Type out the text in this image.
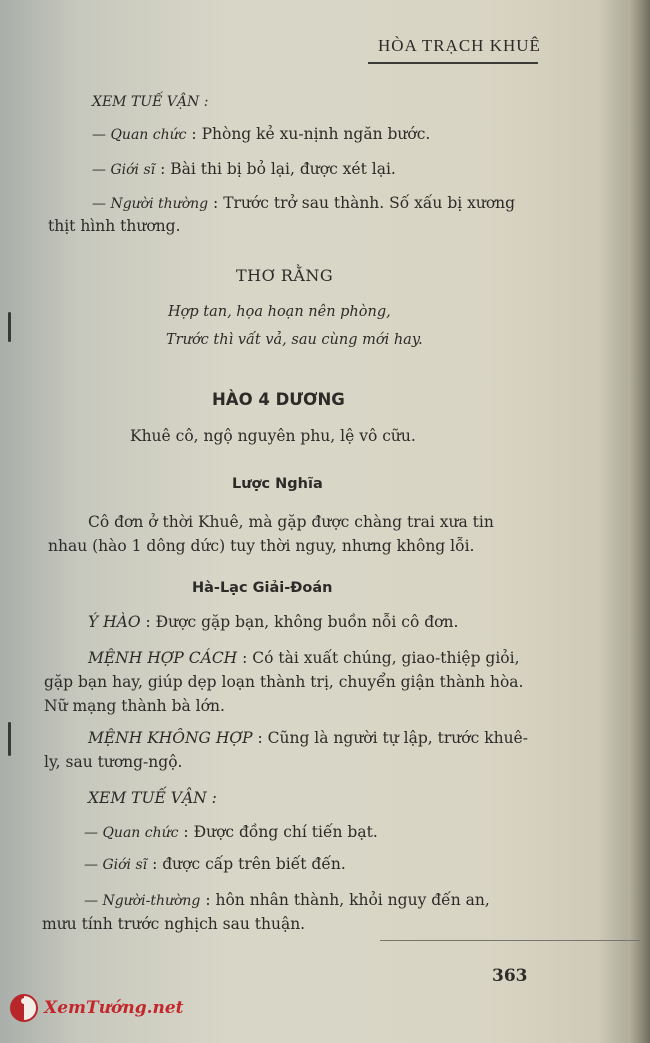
HÒA TRẠCH KHUÊ
XEM TUẾ VẬN :
— Quan chức : Phòng kẻ xu-nịnh ngăn bước.
— Giới sĩ : Bài thi bị bỏ lại, được xét lại.
— Người thường : Trước trở sau thành. Số xấu bị xương
thịt hình thương.
THƠ RẰNG
Hợp tan, họa hoạn nên phòng,
Trước thì vất vả, sau cùng mới hay.
HÀO 4 DƯƠNG
Khuê cô, ngộ nguyên phu, lệ vô cữu.
Lược Nghĩa
Cô đơn ở thời Khuê, mà gặp được chàng trai xưa tin
nhau (hào 1 dông dức) tuy thời nguy, nhưng không lỗi.
Hà-Lạc Giải-Đoán
Ý HÀO : Được gặp bạn, không buồn nỗi cô đơn.
MỆNH HỢP CÁCH : Có tài xuất chúng, giao-thiệp giỏi,
gặp bạn hay, giúp dẹp loạn thành trị, chuyển giận thành hòa.
Nữ mạng thành bà lớn.
MỆNH KHÔNG HỢP : Cũng là người tự lập, trước khuê-
ly, sau tương-ngộ.
XEM TUẾ VẬN :
— Quan chức : Được đồng chí tiến bạt.
— Giới sĩ : được cấp trên biết đến.
— Người-thường : hôn nhân thành, khỏi nguy đến an,
mưu tính trước nghịch sau thuận.
363
XemTướng.net
